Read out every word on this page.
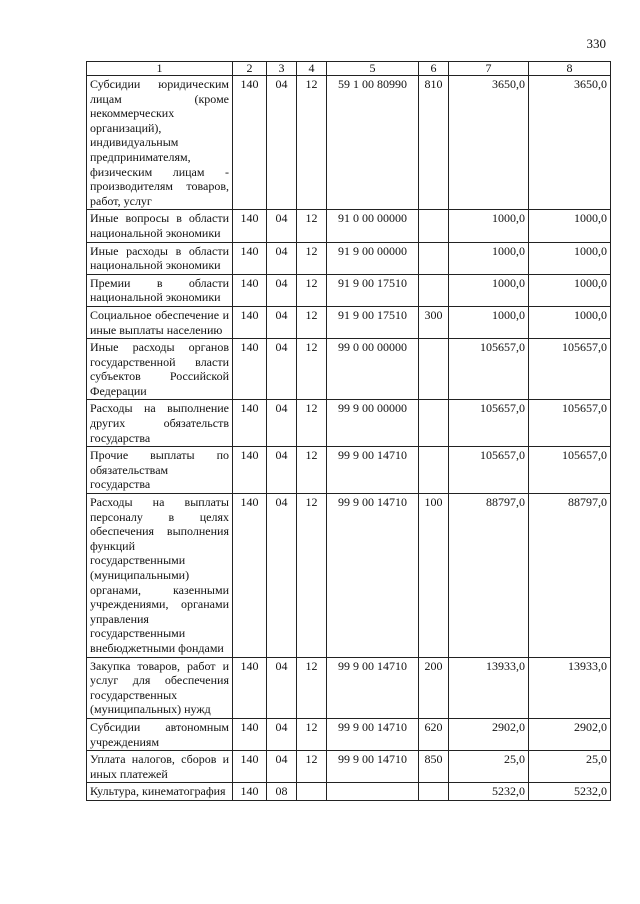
330
1	2	3	4	5	6	7	8
Субсидии юридическим лицам (кроме некоммерческих организаций), индивидуальным предпринимателям, физическим лицам - производителям товаров, работ, услуг	140	04	12	59 1 00 80990	810	3650,0	3650,0
Иные вопросы в области национальной экономики	140	04	12	91 0 00 00000		1000,0	1000,0
Иные расходы в области национальной экономики	140	04	12	91 9 00 00000		1000,0	1000,0
Премии в области национальной экономики	140	04	12	91 9 00 17510		1000,0	1000,0
Социальное обеспечение и иные выплаты населению	140	04	12	91 9 00 17510	300	1000,0	1000,0
Иные расходы органов государственной власти субъектов Российской Федерации	140	04	12	99 0 00 00000		105657,0	105657,0
Расходы на выполнение других обязательств государства	140	04	12	99 9 00 00000		105657,0	105657,0
Прочие выплаты по обязательствам государства	140	04	12	99 9 00 14710		105657,0	105657,0
Расходы на выплаты персоналу в целях обеспечения выполнения функций государственными (муниципальными) органами, казенными учреждениями, органами управления государственными внебюджетными фондами	140	04	12	99 9 00 14710	100	88797,0	88797,0
Закупка товаров, работ и услуг для обеспечения государственных (муниципальных) нужд	140	04	12	99 9 00 14710	200	13933,0	13933,0
Субсидии автономным учреждениям	140	04	12	99 9 00 14710	620	2902,0	2902,0
Уплата налогов, сборов и иных платежей	140	04	12	99 9 00 14710	850	25,0	25,0
Культура, кинематография	140	08				5232,0	5232,0
